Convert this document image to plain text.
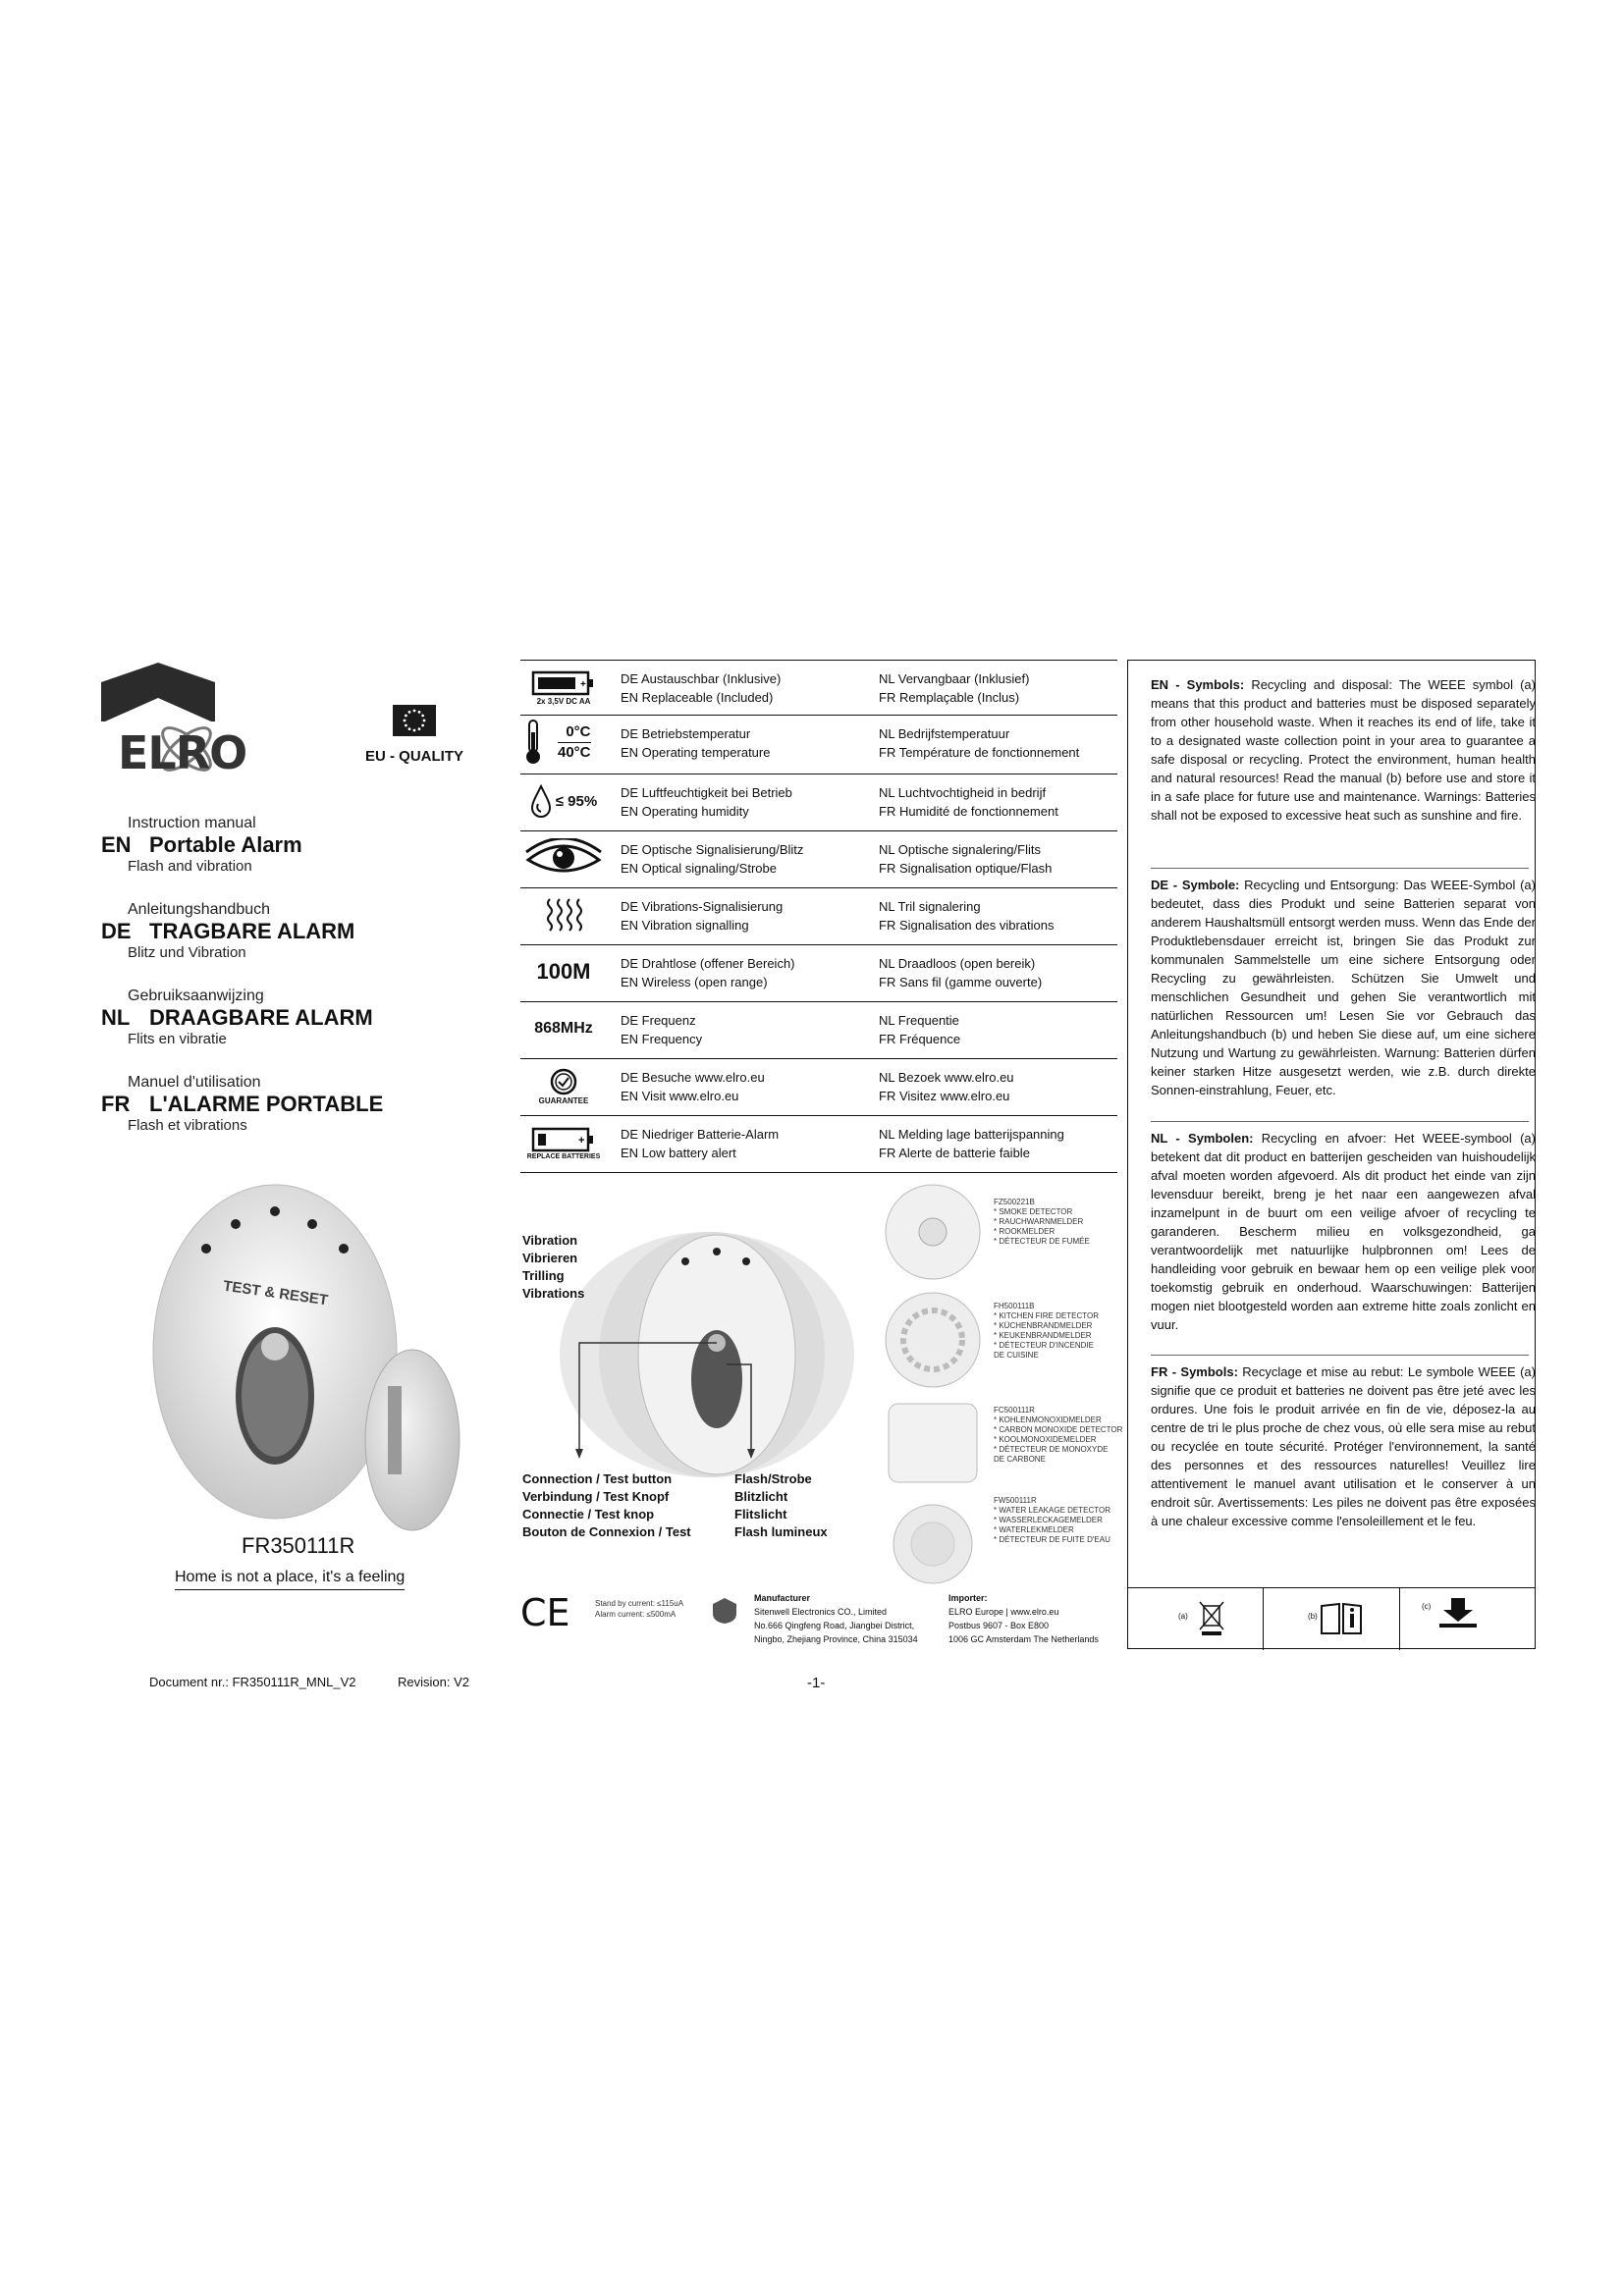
ELRO	EU - QUALITY
Instruction manual
EN Portable Alarm
Flash and vibration
Anleitungshandbuch
DE TRAGBARE ALARM
Blitz und Vibration
Gebruiksaanwijzing
NL DRAAGBARE ALARM
Flits en vibratie
Manuel d'utilisation
FR L'ALARME PORTABLE
Flash et vibrations
TEST & RESET
FR350111R
Home is not a place, it's a feeling
Document nr.: FR350111R_MNL_V2	Revision: V2	-1-
+
2x 3,5V DC AA
DE Austauschbar (Inklusive)
EN Replaceable (Included)
NL Vervangbaar (Inklusief)
FR Remplaçable (Inclus)
0°C
40°C
DE Betriebstemperatur
EN Operating temperature
NL Bedrijfstemperatuur
FR Température de fonctionnement
≤ 95% DE Luftfeuchtigkeit bei Betrieb
EN Operating humidity
NL Luchtvochtigheid in bedrijf
FR Humidité de fonctionnement
DE Optische Signalisierung/Blitz
EN Optical signaling/Strobe
NL Optische signalering/Flits
FR Signalisation optique/Flash
DE Vibrations-Signalisierung
EN Vibration signalling
NL Tril signalering
FR Signalisation des vibrations
100M	DE Drahtlose (offener Bereich)
EN Wireless (open range)
NL Draadloos (open bereik)
FR Sans fil (gamme ouverte)
868MHz	DE Frequenz
EN Frequency
NL Frequentie
FR Fréquence
GUARANTEE
DE Besuche www.elro.eu
EN Visit www.elro.eu
NL Bezoek www.elro.eu
FR Visitez www.elro.eu
+
REPLACE BATTERIES
DE Niedriger Batterie-Alarm
EN Low battery alert
NL Melding lage batterijspanning
FR Alerte de batterie faible
Vibration
Vibrieren
Trilling
Vibrations
Connection / Test button
Verbindung / Test Knopf
Connectie / Test knop
Bouton de Connexion / Test
Flash/Strobe
Blitzlicht
Flitslicht
Flash lumineux
FZ500221B
* SMOKE DETECTOR
* RAUCHWARNMELDER
* ROOKMELDER
* DÉTECTEUR DE FUMÉE
FH500111B
* KITCHEN FIRE DETECTOR
* KÜCHENBRANDMELDER
* KEUKENBRANDMELDER
* DÉTECTEUR D'INCENDIE
DE CUISINE
FC500111R
* KOHLENMONOXIDMELDER
* CARBON MONOXIDE DETECTOR
* KOOLMONOXIDEMELDER
* DÉTECTEUR DE MONOXYDE
DE CARBONE
FW500111R
* WATER LEAKAGE DETECTOR
* WASSERLECKAGEMELDER
* WATERLEKMELDER
* DÉTECTEUR DE FUITE D'EAU
CE	Stand by current: ≤115uA
Alarm current: ≤500mA
Manufacturer
Sitenwell Electronics CO., Limited
No.666 Qingfeng Road, Jiangbei District,
Ningbo, Zhejiang Province, China 315034
Importer:
ELRO Europe | www.elro.eu
Postbus 9607 - Box E800
1006 GC Amsterdam The Netherlands
EN - Symbols: Recycling and disposal: The WEEE symbol (a) means that this product and batteries must be disposed separately from other household waste. When it reaches its end of life, take it to a designated waste collection point in your area to guarantee a safe disposal or recycling. Protect the environment, human health and natural resources! Read the manual (b) before use and store it in a safe place for future use and maintenance. Warnings: Batteries shall not be exposed to excessive heat such as sunshine and fire.
DE - Symbole: Recycling und Entsorgung: Das WEEE-Symbol (a) bedeutet, dass dies Produkt und seine Batterien separat von anderem Haushaltsmüll entsorgt werden muss. Wenn das Ende der Produktlebensdauer erreicht ist, bringen Sie das Produkt zur kommunalen Sammelstelle um eine sichere Entsorgung oder Recycling zu gewährleisten. Schützen Sie Umwelt und menschlichen Gesundheit und gehen Sie verantwortlich mit natürlichen Ressourcen um! Lesen Sie vor Gebrauch das Anleitungshandbuch (b) und heben Sie diese auf, um eine sichere Nutzung und Wartung zu gewährleisten. Warnung: Batterien dürfen keiner starken Hitze ausgesetzt werden, wie z.B. durch direkte Sonnen-einstrahlung, Feuer, etc.
NL - Symbolen: Recycling en afvoer: Het WEEE-symbool (a) betekent dat dit product en batterijen gescheiden van huishoudelijk afval moeten worden afgevoerd. Als dit product het einde van zijn levensduur bereikt, breng je het naar een aangewezen afval inzamelpunt in de buurt om een veilige afvoer of recycling te garanderen. Bescherm milieu en volksgezondheid, ga verantwoordelijk met natuurlijke hulpbronnen om! Lees de handleiding voor gebruik en bewaar hem op een veilige plek voor toekomstig gebruik en onderhoud. Waarschuwingen: Batterijen mogen niet blootgesteld worden aan extreme hitte zoals zonlicht en vuur.
FR - Symbols: Recyclage et mise au rebut: Le symbole WEEE (a) signifie que ce produit et batteries ne doivent pas être jeté avec les ordures. Une fois le produit arrivée en fin de vie, déposez-la au centre de tri le plus proche de chez vous, où elle sera mise au rebut ou recyclée en toute sécurité. Protéger l'environnement, la santé des personnes et des ressources naturelles! Veuillez lire attentivement le manuel avant utilisation et le conserver à un endroit sûr. Avertissements: Les piles ne doivent pas être exposées à une chaleur excessive comme l'ensoleillement et le feu.
(a)	(b)
(c)
